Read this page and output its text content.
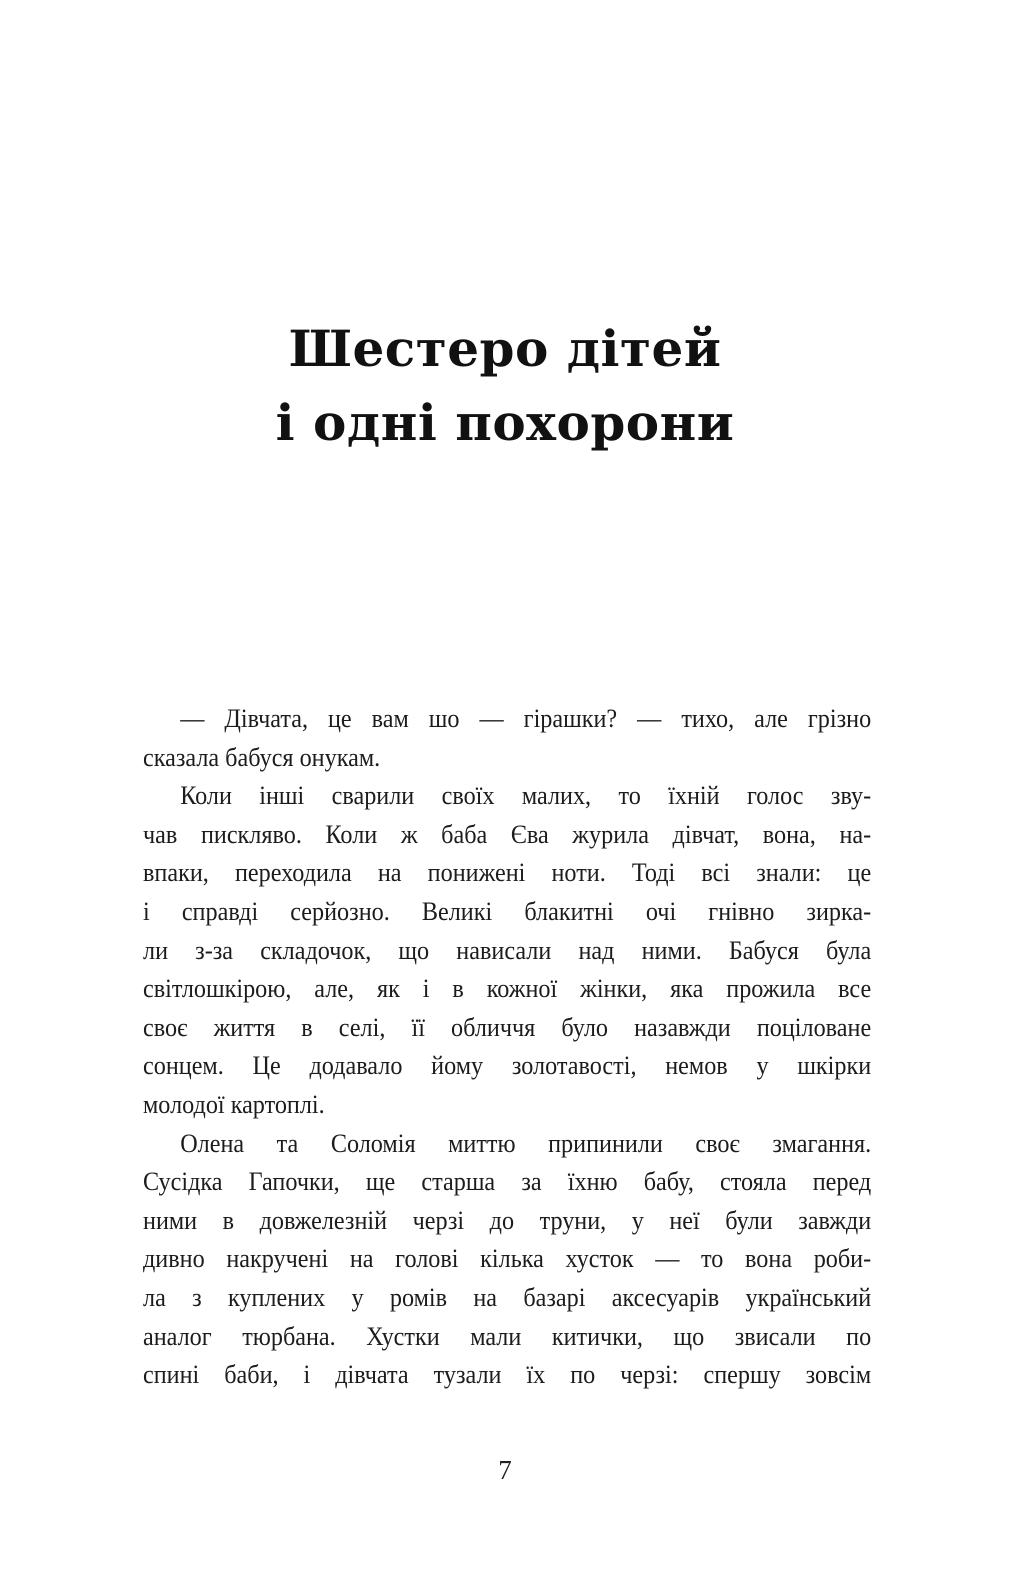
Шестеро дітей
і одні похорони
— Дівчата, це вам шо — гірашки? — тихо, але грізно
сказала бабуся онукам.
Коли інші сварили своїх малих, то їхній голос зву-
чав пискляво. Коли ж баба Єва журила дівчат, вона, на-
впаки, переходила на понижені ноти. Тоді всі знали: це
і справді серйозно. Великі блакитні очі гнівно зирка-
ли з-за складочок, що нависали над ними. Бабуся була
світлошкірою, але, як і в кожної жінки, яка прожила все
своє життя в селі, її обличчя було назавжди поціловане
сонцем. Це додавало йому золотавості, немов у шкірки
молодої картоплі.
Олена та Соломія миттю припинили своє змагання.
Сусідка Гапочки, ще старша за їхню бабу, стояла перед
ними в довжелезній черзі до труни, у неї були завжди
дивно накручені на голові кілька хусток — то вона роби-
ла з куплених у ромів на базарі аксесуарів український
аналог тюрбана. Хустки мали китички, що звисали по
спині баби, і дівчата тузали їх по черзі: спершу зовсім
7
